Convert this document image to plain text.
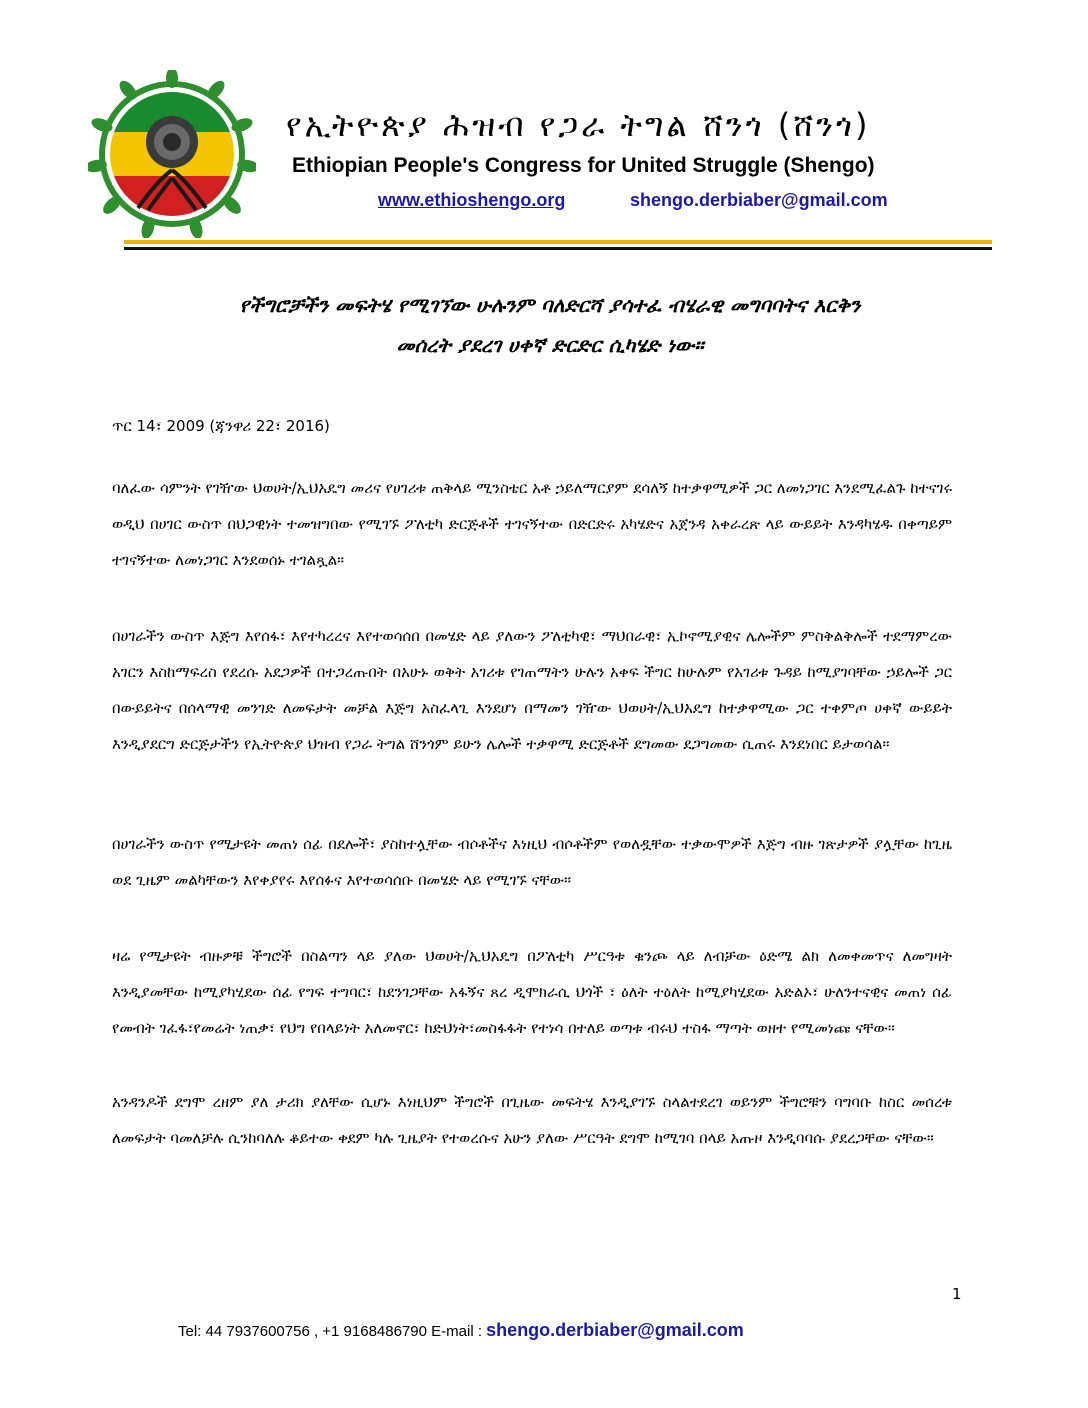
የኢትዮጵያ ሕዝብ የጋራ ትግል ሸንጎ (ሸንጎ)
Ethiopian People's Congress for United Struggle (Shengo)
www.ethioshengo.org	shengo.derbiaber@gmail.com
የችግሮቻችን መፍትሄ የሚገኘው ሁሉንም ባለድርሻ ያሳተፈ ብሄራዊ መግባባትና እርቅን
መሰረት ያደረገ ሀቀኛ ድርድር ሲካሄድ ነው።
ጥር 14፣ 2009 (ጃንዋሪ 22፣ 2016)
ባለፈው ሳምንት የገዥው ህወሀት/ኢህአዴግ መሪና የሀገሪቱ ጠቅላይ ሚንስቴር አቶ ኃይለማርያም ደሳለኝ ከተቃዋሚዎች ጋር ለመነጋገር እንደሚፈልጉ ከተናገሩ ወዲህ በሀገር ውስጥ በህጋዊነት ተመዝግበው የሚገኙ ፖለቲካ ድርጅቶች ተገናኝተው በድርድሩ አካሄድና አጀንዳ አቀራረጽ ላይ ውይይት እንዳካሄዱ በቀጣይም ተገናኝተው ለመነጋገር እንደወሰኑ ተገልጿል።
በሀገራችን ውስጥ እጅግ እየሰፋ፣ እየተካረረና እየተወሳሰበ በመሄድ ላይ ያለውን ፖለቲካዊ፣ ማህበራዊ፣ ኢኮኖሚያዊና ሌሎችም ምስቅልቅሎች ተደማምረው አገርን እስከማፍረስ የደረሱ አደጋዎች በተጋረጡበት በአሁኑ ወቅት አገሪቱ የገጠማትን ሁሉን አቀፍ ችግር ከሁሉም የአገሪቱ ጉዳይ ከሚያገባቸው ኃይሎች ጋር በውይይትና በሰላማዊ መንገድ ለመፍታት መቻል እጅግ አስፈላጊ እንደሆነ በማመን ገዥው ህወሀት/ኢህአዴግ ከተቃዋሚው ጋር ተቀምጦ ሀቀኛ ውይይት እንዲያደርግ ድርጅታችን የኢትዮጵያ ህዝብ የጋራ ትግል ሸንጎም ይሁን ሌሎች ተቃዋሚ ድርጅቶች ደግመው ደጋግመው ሲጠሩ እንደነበር ይታወሳል።
በሀገራችን ውስጥ የሚታዩት መጠነ ሰፊ በደሎች፣ ያስከተሏቸው ብሶቶችና እነዚህ ብሶቶችም የወለዷቸው ተቃውሞዎች እጅግ ብዙ ገጽታዎች ያሏቸው ከጊዜ ወደ ጊዜም መልካቸውን እየቀያየሩ እየሰፉና እየተወሳሰቡ በመሄድ ላይ የሚገኙ ናቸው።
ዛሬ የሚታዩት ብዙዎቹ ችግሮች በስልጣን ላይ ያለው ህወሀት/ኢህአዴግ በፖለቲካ ሥርዓቱ ቁንጮ ላይ ለብቻው ዕድሜ ልክ ለመቀመጥና ለመግዛት እንዲያመቸው ከሚያካሂደው ሰፊ የግፍ ተግባር፣ ከደንገጋቸው አፋኝና ጸረ ዲሞክራሲ ህጎች ፣ ዕለት ተዕለት ከሚያካሂደው አድልኦ፣ ሁለንተናዊና መጠነ ሰፊ የመብት ገፈፋ፣የመሬት ነጠቃ፣ የህግ የበላይነት አለመኖር፣ ከድህነት፣መስፋፋት የተነሳ በተለይ ወጣቱ ብሩህ ተስፋ ማጣት ወዘተ የሚመነጩ ናቸው።
አንዳንዶች ደግሞ ረዘም ያለ ታሪክ ያለቸው ሲሆኑ እነዚህም ችግሮች በጊዜው መፍትሄ እንዲያገኙ ስላልተደረገ ወይንም ችግሮቹን ባግባቡ ከስር መሰረቱ ለመፍታት ባመለቻሉ ሲንከባለሉ ቆይተው ቀደም ካሉ ጊዜያት የተወረሱና አሁን ያለው ሥርዓት ደግሞ ከሚገባ በላይ አጡዞ እንዲባባሱ ያደረጋቸው ናቸው።
1
Tel: 44 7937600756 , +1 9168486790 E-mail : shengo.derbiaber@gmail.com
